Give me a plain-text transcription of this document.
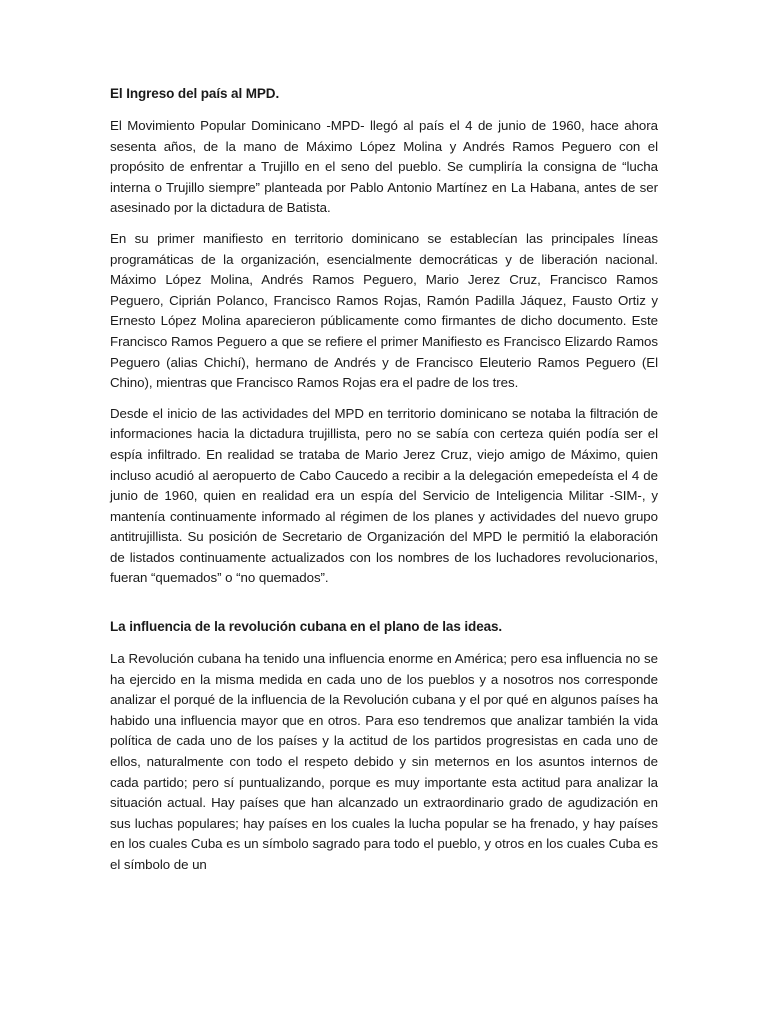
El Ingreso del país al MPD.

El Movimiento Popular Dominicano -MPD- llegó al país el 4 de junio de 1960, hace ahora sesenta años, de la mano de Máximo López Molina y Andrés Ramos Peguero con el propósito de enfrentar a Trujillo en el seno del pueblo. Se cumpliría la consigna de “lucha interna o Trujillo siempre” planteada por Pablo Antonio Martínez en La Habana, antes de ser asesinado por la dictadura de Batista.

En su primer manifiesto en territorio dominicano se establecían las principales líneas programáticas de la organización, esencialmente democráticas y de liberación nacional. Máximo López Molina, Andrés Ramos Peguero, Mario Jerez Cruz, Francisco Ramos Peguero, Ciprián Polanco, Francisco Ramos Rojas, Ramón Padilla Jáquez, Fausto Ortiz y Ernesto López Molina aparecieron públicamente como firmantes de dicho documento. Este Francisco Ramos Peguero a que se refiere el primer Manifiesto es Francisco Elizardo Ramos Peguero (alias Chichí), hermano de Andrés y de Francisco Eleuterio Ramos Peguero (El Chino), mientras que Francisco Ramos Rojas era el padre de los tres.

Desde el inicio de las actividades del MPD en territorio dominicano se notaba la filtración de informaciones hacia la dictadura trujillista, pero no se sabía con certeza quién podía ser el espía infiltrado. En realidad se trataba de Mario Jerez Cruz, viejo amigo de Máximo, quien incluso acudió al aeropuerto de Cabo Caucedo a recibir a la delegación emepedeísta el 4 de junio de 1960, quien en realidad era un espía del Servicio de Inteligencia Militar -SIM-, y mantenía continuamente informado al régimen de los planes y actividades del nuevo grupo antitrujillista. Su posición de Secretario de Organización del MPD le permitió la elaboración de listados continuamente actualizados con los nombres de los luchadores revolucionarios, fueran “quemados” o “no quemados”.

La influencia de la revolución cubana en el plano de las ideas.

La Revolución cubana ha tenido una influencia enorme en América; pero esa influencia no se ha ejercido en la misma medida en cada uno de los pueblos y a nosotros nos corresponde analizar el porqué de la influencia de la Revolución cubana y el por qué en algunos países ha habido una influencia mayor que en otros. Para eso tendremos que analizar también la vida política de cada uno de los países y la actitud de los partidos progresistas en cada uno de ellos, naturalmente con todo el respeto debido y sin meternos en los asuntos internos de cada partido; pero sí puntualizando, porque es muy importante esta actitud para analizar la situación actual. Hay países que han alcanzado un extraordinario grado de agudización en sus luchas populares; hay países en los cuales la lucha popular se ha frenado, y hay países en los cuales Cuba es un símbolo sagrado para todo el pueblo, y otros en los cuales Cuba es el símbolo de un
